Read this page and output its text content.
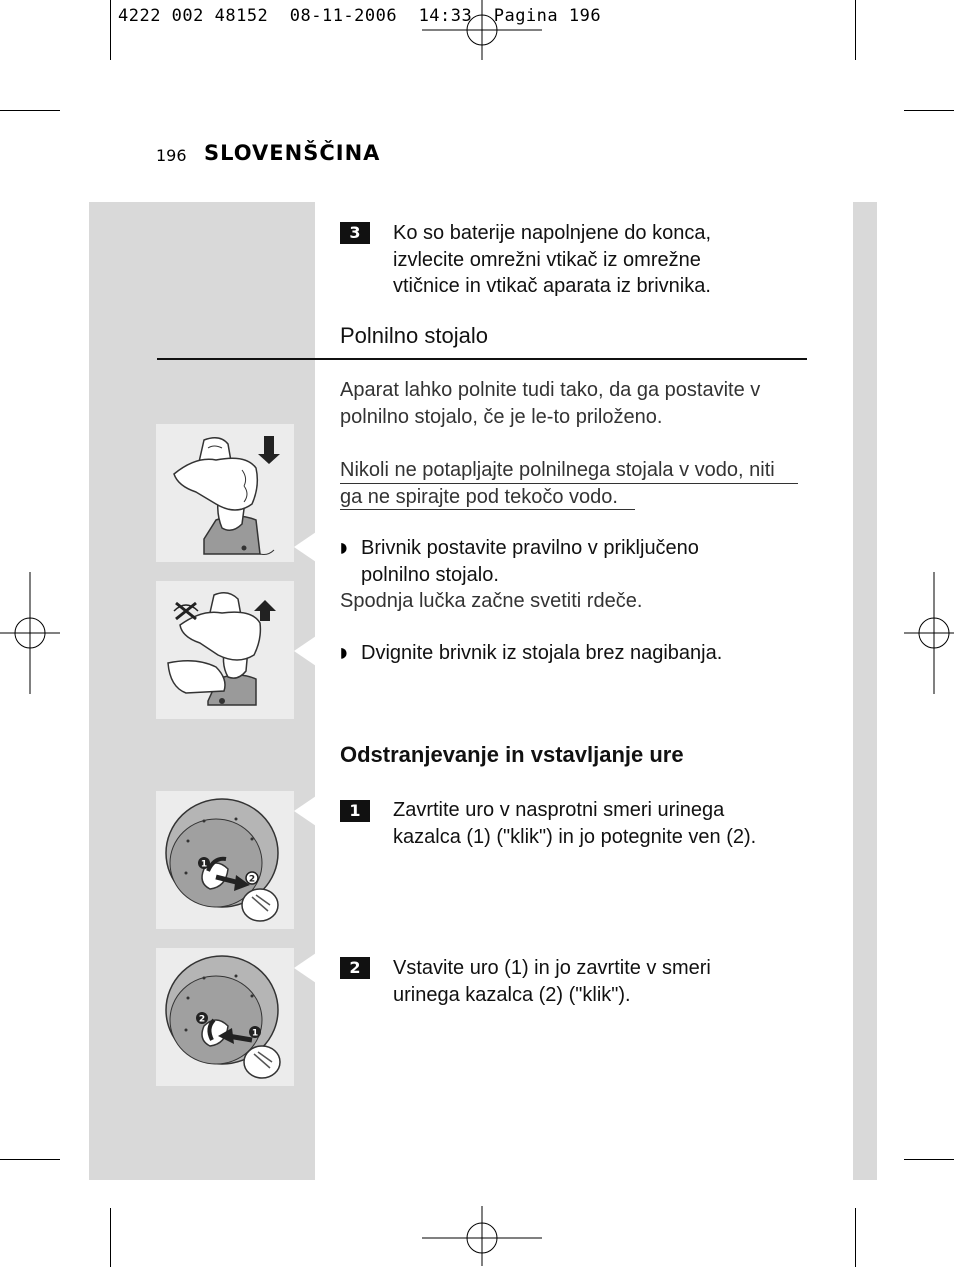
4222 002 48152  08-11-2006  14:33  Pagina 196
196 SLOVENŠČINA
3	Ko so baterije napolnjene do konca,
izvlecite omrežni vtikač iz omrežne
vtičnice in vtikač aparata iz brivnika.
Polnilno stojalo
Aparat lahko polnite tudi tako, da ga postavite v
polnilno stojalo, če je le-to priloženo.
Nikoli ne potapljajte polnilnega stojala v vodo, niti
ga ne spirajte pod tekočo vodo.
◗ Brivnik postavite pravilno v priključeno
polnilno stojalo.
Spodnja lučka začne svetiti rdeče.
◗ Dvignite brivnik iz stojala brez nagibanja.
Odstranjevanje in vstavljanje ure
1	Zavrtite uro v nasprotni smeri urinega
kazalca (1) ("klik") in jo potegnite ven (2).
2	Vstavite uro (1) in jo zavrtite v smeri
urinega kazalca (2) ("klik").
1
2
2
1
